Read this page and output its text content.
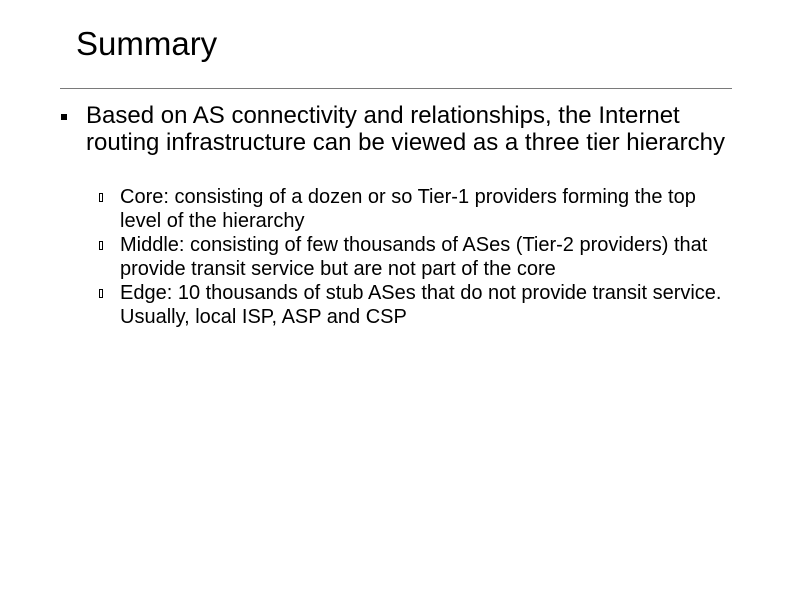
Summary

Based on AS connectivity and relationships, the Internet routing infrastructure can be viewed as a three tier hierarchy

Core: consisting of a dozen or so Tier-1 providers forming the top level of the hierarchy
Middle: consisting of few thousands of ASes (Tier-2 providers) that provide transit service but are not part of the core
Edge: 10 thousands of stub ASes that do not provide transit service. Usually, local ISP, ASP and CSP
